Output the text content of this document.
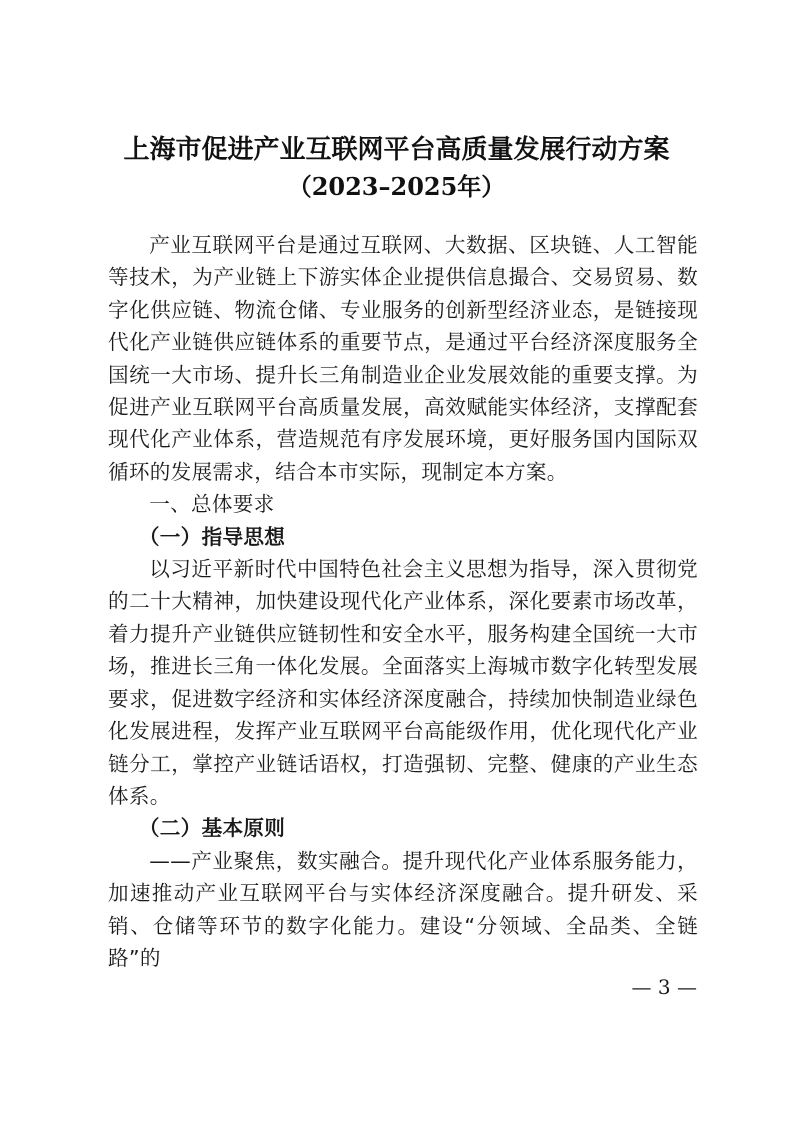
上海市促进产业互联网平台高质量发展行动方案
（2023–2025年）

产业互联网平台是通过互联网、大数据、区块链、人工智能等技术，为产业链上下游实体企业提供信息撮合、交易贸易、数字化供应链、物流仓储、专业服务的创新型经济业态，是链接现代化产业链供应链体系的重要节点，是通过平台经济深度服务全国统一大市场、提升长三角制造业企业发展效能的重要支撑。为促进产业互联网平台高质量发展，高效赋能实体经济，支撑配套现代化产业体系，营造规范有序发展环境，更好服务国内国际双循环的发展需求，结合本市实际，现制定本方案。

一、总体要求
（一）指导思想

以习近平新时代中国特色社会主义思想为指导，深入贯彻党的二十大精神，加快建设现代化产业体系，深化要素市场改革，着力提升产业链供应链韧性和安全水平，服务构建全国统一大市场，推进长三角一体化发展。全面落实上海城市数字化转型发展要求，促进数字经济和实体经济深度融合，持续加快制造业绿色化发展进程，发挥产业互联网平台高能级作用，优化现代化产业链分工，掌控产业链话语权，打造强韧、完整、健康的产业生态体系。

（二）基本原则

——产业聚焦，数实融合。提升现代化产业体系服务能力，加速推动产业互联网平台与实体经济深度融合。提升研发、采销、仓储等环节的数字化能力。建设“分领域、全品类、全链路”的

— 3 —
